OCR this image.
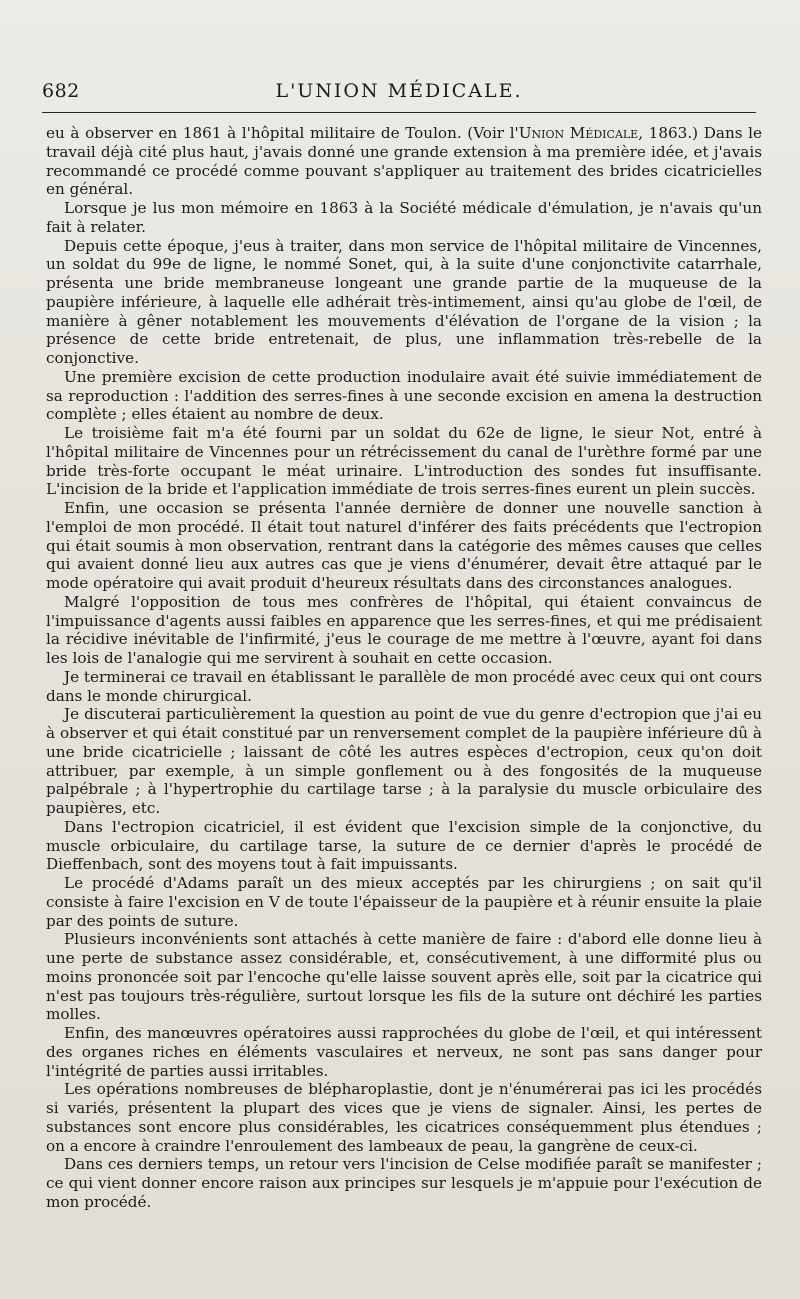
682	L'UNION MÉDICALE.

eu à observer en 1861 à l'hôpital militaire de Toulon. (Voir l'Union Médicale, 1863.) Dans le travail déjà cité plus haut, j'avais donné une grande extension à ma première idée, et j'avais recommandé ce procédé comme pouvant s'appliquer au traitement des brides cicatricielles en général.

Lorsque je lus mon mémoire en 1863 à la Société médicale d'émulation, je n'avais qu'un fait à relater.

Depuis cette époque, j'eus à traiter, dans mon service de l'hôpital militaire de Vincennes, un soldat du 99e de ligne, le nommé Sonet, qui, à la suite d'une conjonctivite catarrhale, présenta une bride membraneuse longeant une grande partie de la muqueuse de la paupière inférieure, à laquelle elle adhérait très-intimement, ainsi qu'au globe de l'œil, de manière à gêner notablement les mouvements d'élévation de l'organe de la vision ; la présence de cette bride entretenait, de plus, une inflammation très-rebelle de la conjonctive.

Une première excision de cette production inodulaire avait été suivie immédiatement de sa reproduction : l'addition des serres-fines à une seconde excision en amena la destruction complète ; elles étaient au nombre de deux.

Le troisième fait m'a été fourni par un soldat du 62e de ligne, le sieur Not, entré à l'hôpital militaire de Vincennes pour un rétrécissement du canal de l'urèthre formé par une bride très-forte occupant le méat urinaire. L'introduction des sondes fut insuffisante. L'incision de la bride et l'application immédiate de trois serres-fines eurent un plein succès.

Enfin, une occasion se présenta l'année dernière de donner une nouvelle sanction à l'emploi de mon procédé. Il était tout naturel d'inférer des faits précédents que l'ectropion qui était soumis à mon observation, rentrant dans la catégorie des mêmes causes que celles qui avaient donné lieu aux autres cas que je viens d'énumérer, devait être attaqué par le mode opératoire qui avait produit d'heureux résultats dans des circonstances analogues.

Malgré l'opposition de tous mes confrères de l'hôpital, qui étaient convaincus de l'impuissance d'agents aussi faibles en apparence que les serres-fines, et qui me prédisaient la récidive inévitable de l'infirmité, j'eus le courage de me mettre à l'œuvre, ayant foi dans les lois de l'analogie qui me servirent à souhait en cette occasion.

Je terminerai ce travail en établissant le parallèle de mon procédé avec ceux qui ont cours dans le monde chirurgical.

Je discuterai particulièrement la question au point de vue du genre d'ectropion que j'ai eu à observer et qui était constitué par un renversement complet de la paupière inférieure dû à une bride cicatricielle ; laissant de côté les autres espèces d'ectropion, ceux qu'on doit attribuer, par exemple, à un simple gonflement ou à des fongosités de la muqueuse palpébrale ; à l'hypertrophie du cartilage tarse ; à la paralysie du muscle orbiculaire des paupières, etc.

Dans l'ectropion cicatriciel, il est évident que l'excision simple de la conjonctive, du muscle orbiculaire, du cartilage tarse, la suture de ce dernier d'après le procédé de Dieffenbach, sont des moyens tout à fait impuissants.

Le procédé d'Adams paraît un des mieux acceptés par les chirurgiens ; on sait qu'il consiste à faire l'excision en V de toute l'épaisseur de la paupière et à réunir ensuite la plaie par des points de suture.

Plusieurs inconvénients sont attachés à cette manière de faire : d'abord elle donne lieu à une perte de substance assez considérable, et, consécutivement, à une difformité plus ou moins prononcée soit par l'encoche qu'elle laisse souvent après elle, soit par la cicatrice qui n'est pas toujours très-régulière, surtout lorsque les fils de la suture ont déchiré les parties molles.

Enfin, des manœuvres opératoires aussi rapprochées du globe de l'œil, et qui intéressent des organes riches en éléments vasculaires et nerveux, ne sont pas sans danger pour l'intégrité de parties aussi irritables.

Les opérations nombreuses de blépharoplastie, dont je n'énumérerai pas ici les procédés si variés, présentent la plupart des vices que je viens de signaler. Ainsi, les pertes de substances sont encore plus considérables, les cicatrices conséquemment plus étendues ; on a encore à craindre l'enroulement des lambeaux de peau, la gangrène de ceux-ci.

Dans ces derniers temps, un retour vers l'incision de Celse modifiée paraît se manifester ; ce qui vient donner encore raison aux principes sur lesquels je m'appuie pour l'exécution de mon procédé.
